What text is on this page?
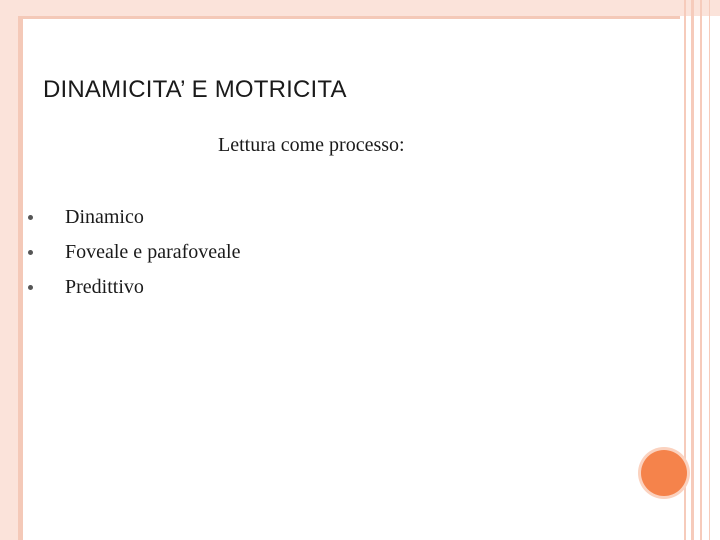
DINAMICITA’ E MOTRICITA
Lettura come processo:
Dinamico
Foveale e parafoveale
Predittivo
